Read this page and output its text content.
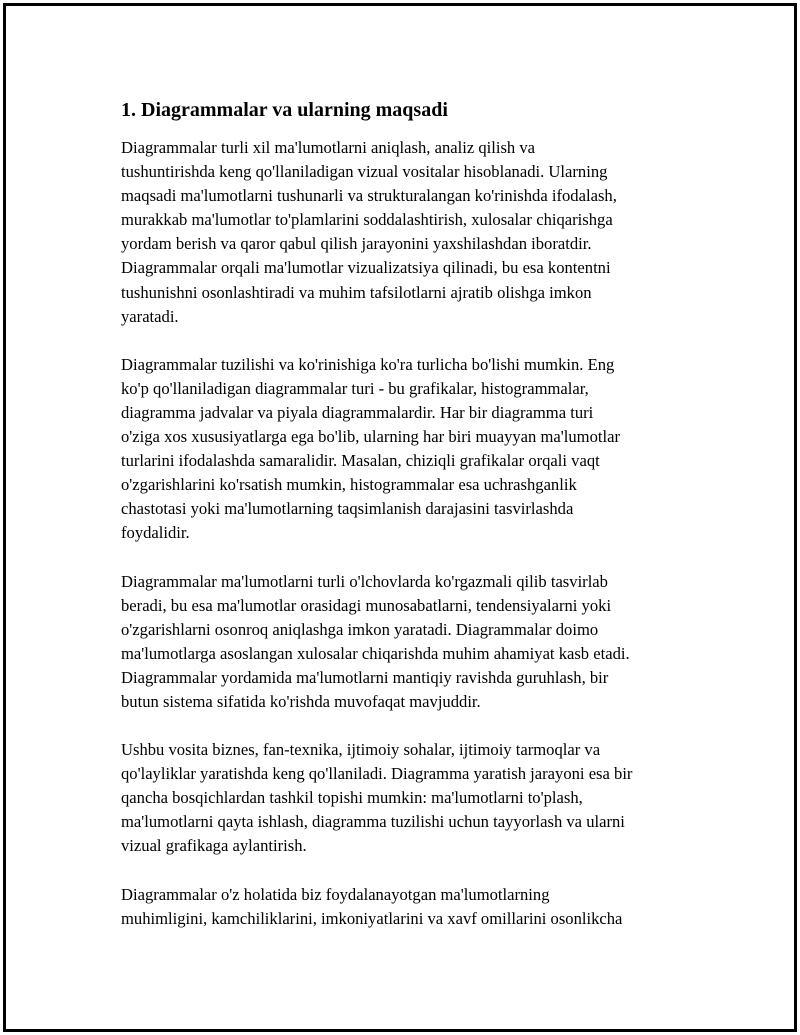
1. Diagrammalar va ularning maqsadi

Diagrammalar turli xil ma'lumotlarni aniqlash, analiz qilish va
tushuntirishda keng qo'llaniladigan vizual vositalar hisoblanadi. Ularning
maqsadi ma'lumotlarni tushunarli va strukturalangan ko'rinishda ifodalash,
murakkab ma'lumotlar to'plamlarini soddalashtirish, xulosalar chiqarishga
yordam berish va qaror qabul qilish jarayonini yaxshilashdan iboratdir.
Diagrammalar orqali ma'lumotlar vizualizatsiya qilinadi, bu esa kontentni
tushunishni osonlashtiradi va muhim tafsilotlarni ajratib olishga imkon
yaratadi.

Diagrammalar tuzilishi va ko'rinishiga ko'ra turlicha bo'lishi mumkin. Eng
ko'p qo'llaniladigan diagrammalar turi - bu grafikalar, histogrammalar,
diagramma jadvalar va piyala diagrammalardir. Har bir diagramma turi
o'ziga xos xususiyatlarga ega bo'lib, ularning har biri muayyan ma'lumotlar
turlarini ifodalashda samaralidir. Masalan, chiziqli grafikalar orqali vaqt
o'zgarishlarini ko'rsatish mumkin, histogrammalar esa uchrashganlik
chastotasi yoki ma'lumotlarning taqsimlanish darajasini tasvirlashda
foydalidir.

Diagrammalar ma'lumotlarni turli o'lchovlarda ko'rgazmali qilib tasvirlab
beradi, bu esa ma'lumotlar orasidagi munosabatlarni, tendensiyalarni yoki
o'zgarishlarni osonroq aniqlashga imkon yaratadi. Diagrammalar doimo
ma'lumotlarga asoslangan xulosalar chiqarishda muhim ahamiyat kasb etadi.
Diagrammalar yordamida ma'lumotlarni mantiqiy ravishda guruhlash, bir
butun sistema sifatida ko'rishda muvofaqat mavjuddir.

Ushbu vosita biznes, fan-texnika, ijtimoiy sohalar, ijtimoiy tarmoqlar va
qo'layliklar yaratishda keng qo'llaniladi. Diagramma yaratish jarayoni esa bir
qancha bosqichlardan tashkil topishi mumkin: ma'lumotlarni to'plash,
ma'lumotlarni qayta ishlash, diagramma tuzilishi uchun tayyorlash va ularni
vizual grafikaga aylantirish.

Diagrammalar o'z holatida biz foydalanayotgan ma'lumotlarning
muhimligini, kamchiliklarini, imkoniyatlarini va xavf omillarini osonlikcha
